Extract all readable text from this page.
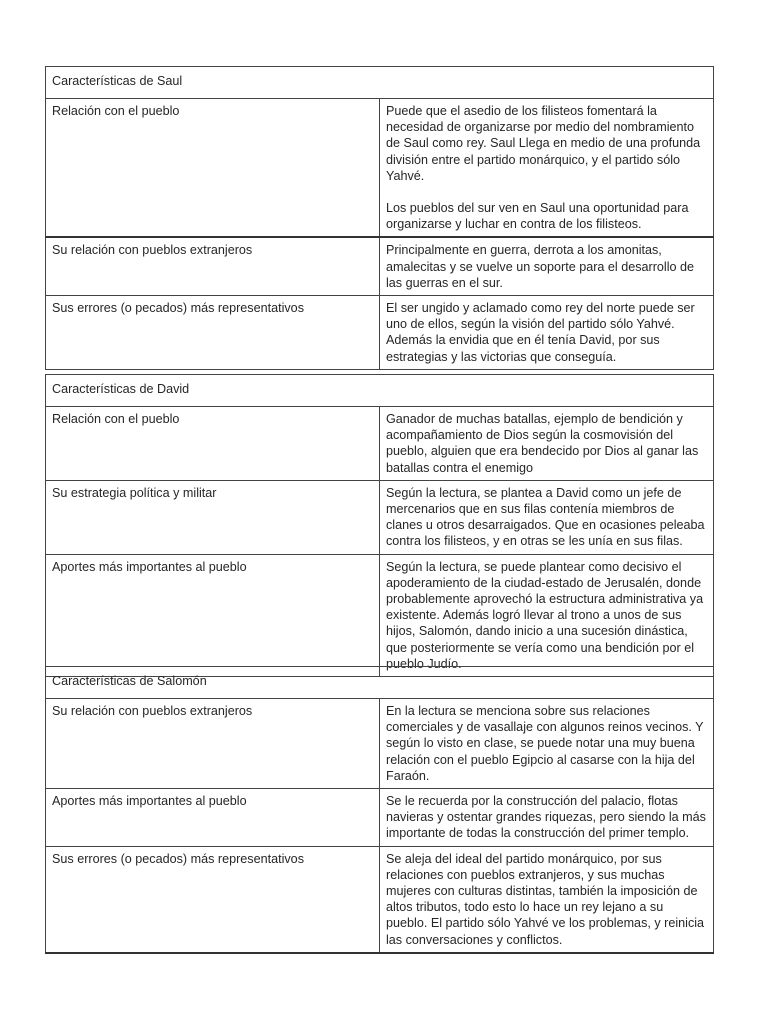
Características de Saul	
Relación con el pueblo	Puede que el asedio de los filisteos fomentará la necesidad de organizarse por medio del nombramiento de Saul como rey. Saul Llega en medio de una profunda división entre el partido monárquico, y el partido sólo Yahvé.

Los pueblos del sur ven en Saul una oportunidad para organizarse y luchar en contra de los filisteos.

Su relación con pueblos extranjeros	Principalmente en guerra, derrota a los amonitas, amalecitas y se vuelve un soporte para el desarrollo de las guerras en el sur.

Sus errores (o pecados) más representativos	El ser ungido y aclamado como rey del norte puede ser uno de ellos, según la visión del partido sólo Yahvé. Además la envidia que en él tenía David, por sus estrategias y las victorias que conseguía.

Características de David	
Relación con el pueblo	Ganador de muchas batallas, ejemplo de bendición y acompañamiento de Dios según la cosmovisión del pueblo, alguien que era bendecido por Dios al ganar las batallas contra el enemigo

Su estrategia política y militar	Según la lectura, se plantea a David como un jefe de mercenarios que en sus filas contenía miembros de clanes u otros desarraigados. Que en ocasiones peleaba contra los filisteos, y en otras se les unía en sus filas.

Aportes más importantes al pueblo	Según la lectura, se puede plantear como decisivo el apoderamiento de la ciudad-estado de Jerusalén, donde probablemente aprovechó la estructura administrativa ya existente. Además logró llevar al trono a unos de sus hijos, Salomón, dando inicio a una sucesión dinástica, que posteriormente se vería como una bendición por el pueblo Judío.

Características de Salomón	
Su relación con pueblos extranjeros	En la lectura se menciona sobre sus relaciones comerciales y de vasallaje con algunos reinos vecinos. Y según lo visto en clase, se puede notar una muy buena relación con el pueblo Egipcio al casarse con la hija del Faraón.

Aportes más importantes al pueblo	Se le recuerda por la construcción del palacio, flotas navieras y ostentar grandes riquezas, pero siendo la más importante de todas la construcción del primer templo.

Sus errores (o pecados) más representativos	Se aleja del ideal del partido monárquico, por sus relaciones con pueblos extranjeros, y sus muchas mujeres con culturas distintas, también la imposición de altos tributos, todo esto lo hace un rey lejano a su pueblo. El partido sólo Yahvé ve los problemas, y reinicia las conversaciones y conflictos.
